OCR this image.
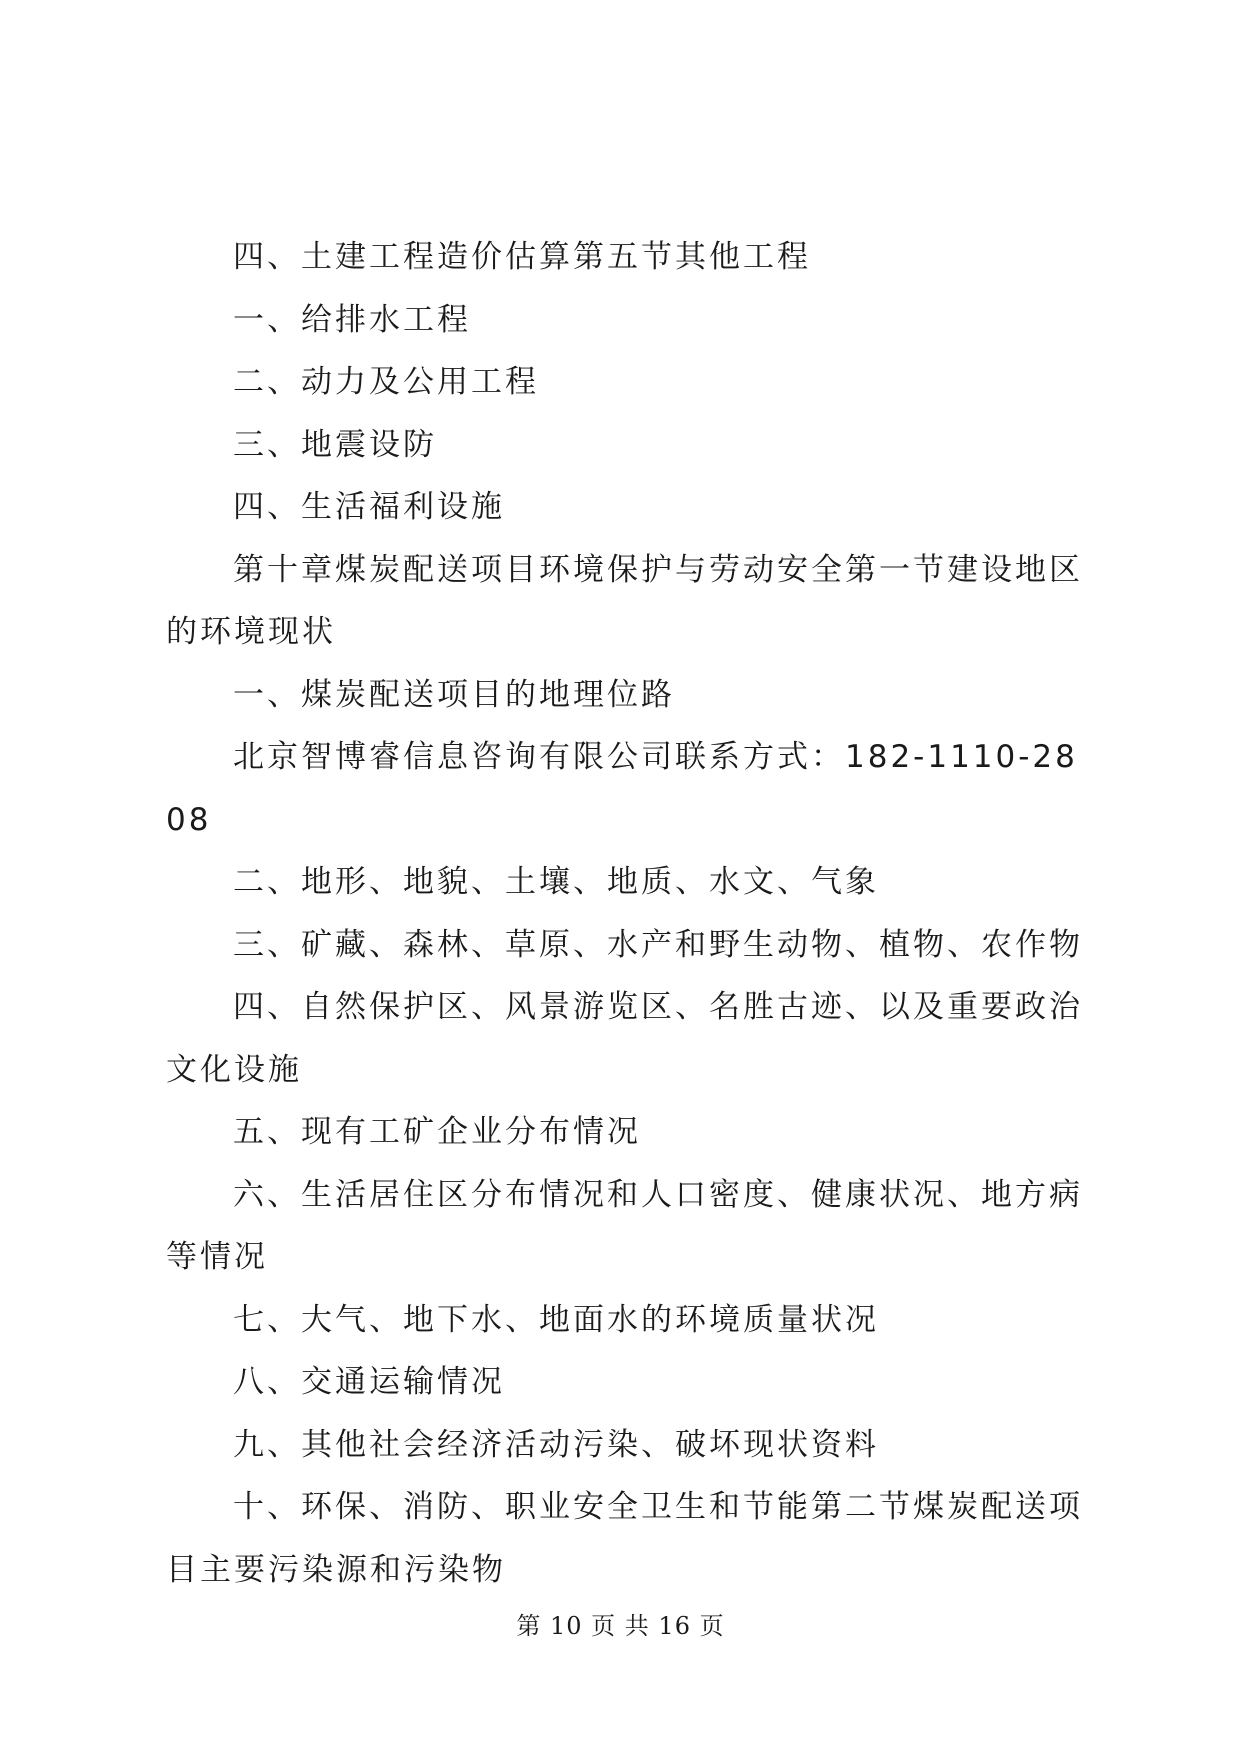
四、土建工程造价估算第五节其他工程

一、给排水工程

二、动力及公用工程

三、地震设防

四、生活福利设施

第十章煤炭配送项目环境保护与劳动安全第一节建设地区的环境现状

一、煤炭配送项目的地理位路

北京智博睿信息咨询有限公司联系方式：182-1110-2808

二、地形、地貌、土壤、地质、水文、气象

三、矿藏、森林、草原、水产和野生动物、植物、农作物

四、自然保护区、风景游览区、名胜古迹、以及重要政治文化设施

五、现有工矿企业分布情况

六、生活居住区分布情况和人口密度、健康状况、地方病等情况

七、大气、地下水、地面水的环境质量状况

八、交通运输情况

九、其他社会经济活动污染、破坏现状资料

十、环保、消防、职业安全卫生和节能第二节煤炭配送项目主要污染源和污染物

第 10 页 共 16 页
